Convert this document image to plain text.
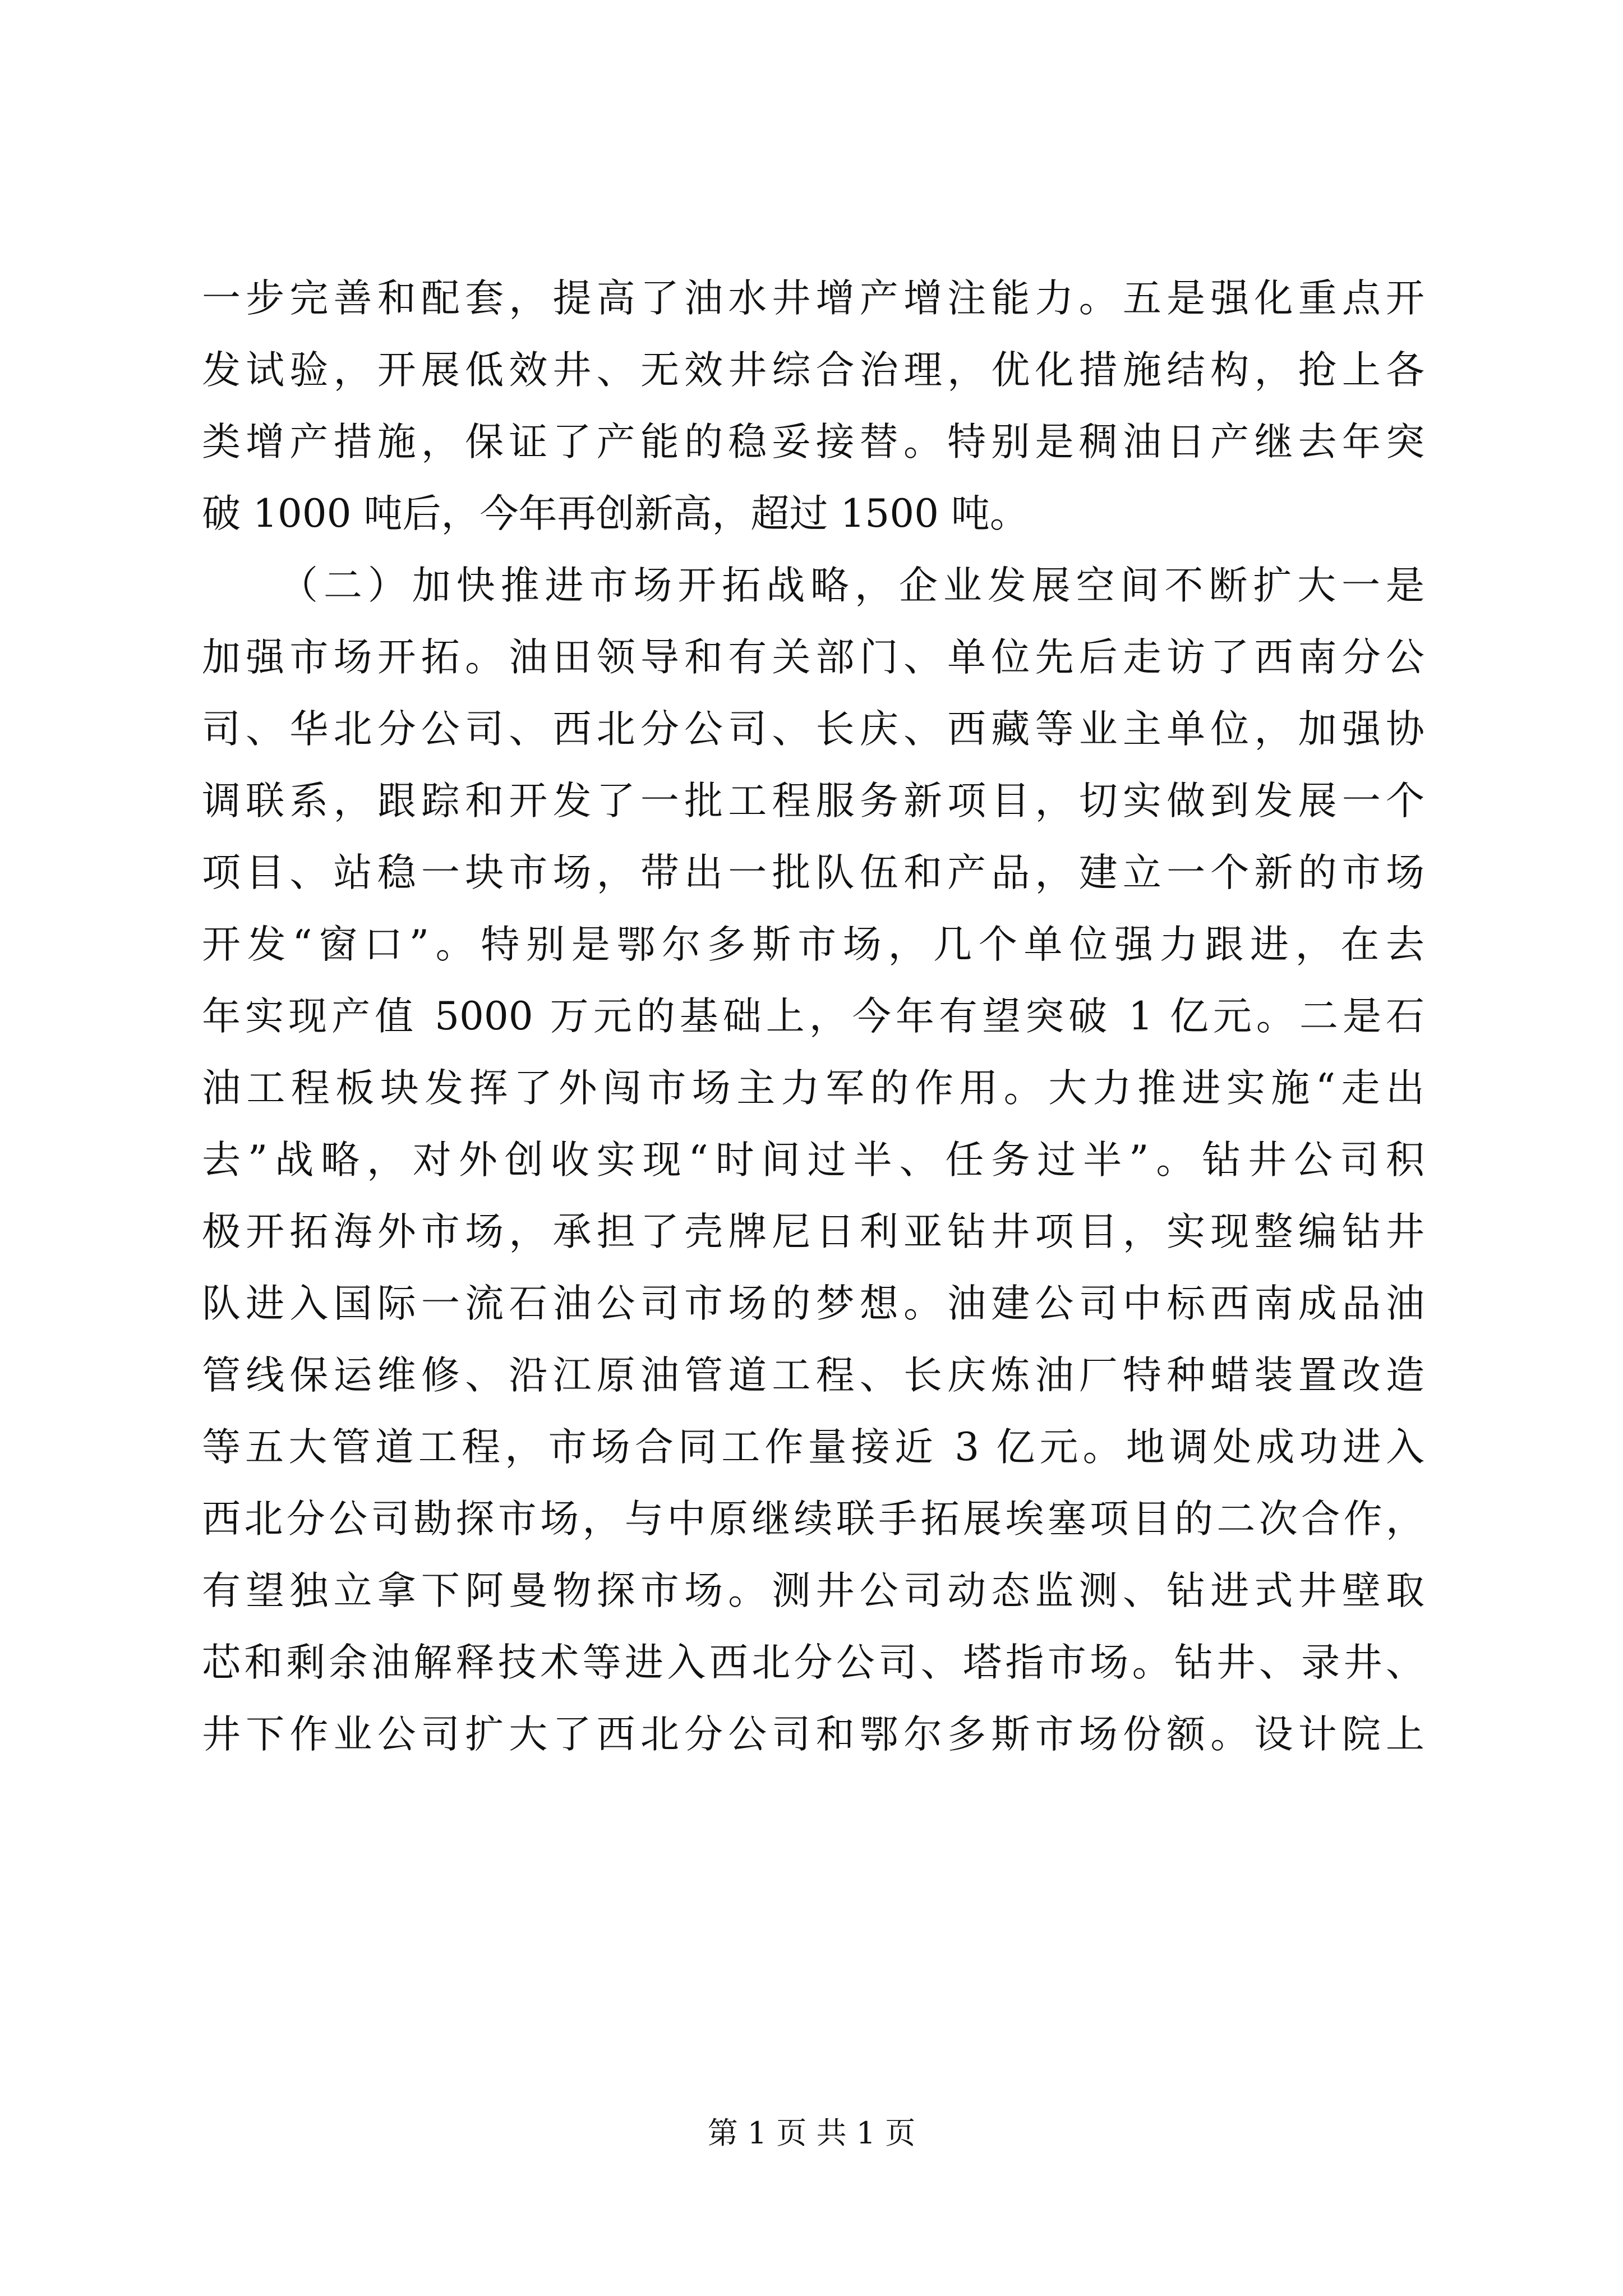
一步完善和配套，提高了油水井增产增注能力。五是强化重点开
发试验，开展低效井、无效井综合治理，优化措施结构，抢上各
类增产措施，保证了产能的稳妥接替。特别是稠油日产继去年突
破 1000 吨后，今年再创新高，超过 1500 吨。
（二）加快推进市场开拓战略，企业发展空间不断扩大一是
加强市场开拓。油田领导和有关部门、单位先后走访了西南分公
司、华北分公司、西北分公司、长庆、西藏等业主单位，加强协
调联系，跟踪和开发了一批工程服务新项目，切实做到发展一个
项目、站稳一块市场，带出一批队伍和产品，建立一个新的市场
开发“窗口”。特别是鄂尔多斯市场，几个单位强力跟进，在去
年实现产值 5000 万元的基础上，今年有望突破 1 亿元。二是石
油工程板块发挥了外闯市场主力军的作用。大力推进实施“走出
去”战略，对外创收实现“时间过半、任务过半”。钻井公司积
极开拓海外市场，承担了壳牌尼日利亚钻井项目，实现整编钻井
队进入国际一流石油公司市场的梦想。油建公司中标西南成品油
管线保运维修、沿江原油管道工程、长庆炼油厂特种蜡装置改造
等五大管道工程，市场合同工作量接近 3 亿元。地调处成功进入
西北分公司勘探市场，与中原继续联手拓展埃塞项目的二次合作，
有望独立拿下阿曼物探市场。测井公司动态监测、钻进式井壁取
芯和剩余油解释技术等进入西北分公司、塔指市场。钻井、录井、
井下作业公司扩大了西北分公司和鄂尔多斯市场份额。设计院上
第 1 页 共 1 页
